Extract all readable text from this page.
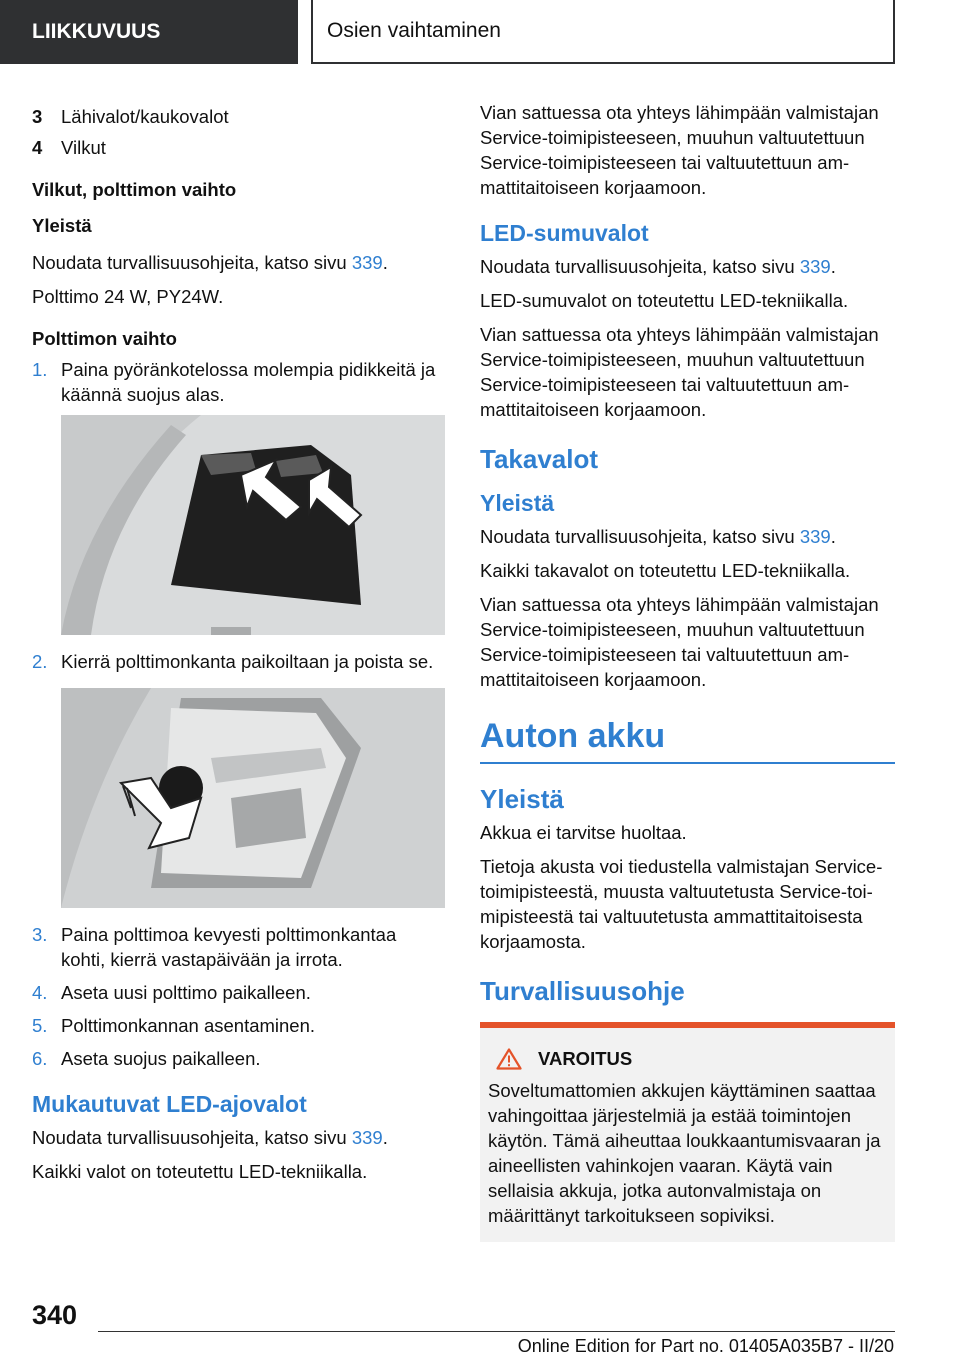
LIIKKUVUUS	Osien vaihtaminen
3	Lähivalot/kaukovalot
4	Vilkut
Vilkut, polttimon vaihto
Yleistä

Noudata turvallisuusohjeita, katso sivu 339.

Polttimo 24 W, PY24W.

Polttimon vaihto
1. Paina pyöränkotelossa molempia pidikkeitä ja käännä suojus alas.
2. Kierrä polttimonkanta paikoiltaan ja poista se.
3. Paina polttimoa kevyesti polttimonkantaa kohti, kierrä vastapäivään ja irrota.
4. Aseta uusi polttimo paikalleen.
5. Polttimonkannan asentaminen.
6. Aseta suojus paikalleen.
Mukautuvat LED-ajovalot

Noudata turvallisuusohjeita, katso sivu 339.

Kaikki valot on toteutettu LED-tekniikalla.

Vian sattuessa ota yhteys lähimpään valmistajan Service-toimipisteeseen, muuhun valtuutettuun Service-toimipisteeseen tai valtuutettuun ammattitaitoiseen korjaamoon.

LED-sumuvalot

Noudata turvallisuusohjeita, katso sivu 339.

LED-sumuvalot on toteutettu LED-tekniikalla.

Vian sattuessa ota yhteys lähimpään valmistajan Service-toimipisteeseen, muuhun valtuutettuun Service-toimipisteeseen tai valtuutettuun ammattitaitoiseen korjaamoon.

Takavalot
Yleistä

Noudata turvallisuusohjeita, katso sivu 339.

Kaikki takavalot on toteutettu LED-tekniikalla.

Vian sattuessa ota yhteys lähimpään valmistajan Service-toimipisteeseen, muuhun valtuutettuun Service-toimipisteeseen tai valtuutettuun ammattitaitoiseen korjaamoon.

Auton akku
Yleistä

Akkua ei tarvitse huoltaa.

Tietoja akusta voi tiedustella valmistajan Service-toimipisteestä, muusta valtuutetusta Service-toimipisteestä tai valtuutetusta ammattitaitoisesta korjaamosta.

Turvallisuusohje
VAROITUS

Soveltumattomien akkujen käyttäminen saattaa vahingoittaa järjestelmiä ja estää toimintojen käytön. Tämä aiheuttaa loukkaantumisvaaran ja aineellisten vahinkojen vaaran. Käytä vain sellaisia akkuja, jotka autonvalmistaja on määrittänyt tarkoitukseen sopiviksi.

340
Online Edition for Part no. 01405A035B7 - II/20
